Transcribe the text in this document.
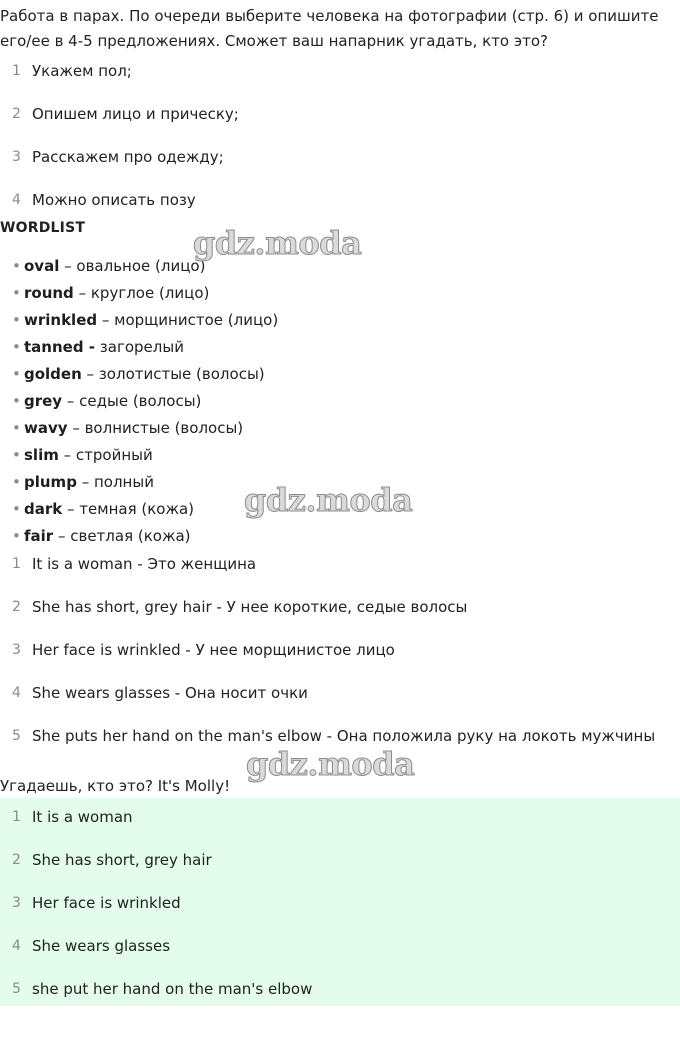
Работа в парах. По очереди выберите человека на фотографии (стр. 6) и опишите его/ее в 4-5 предложениях. Сможет ваш напарник угадать, кто это?
1 Укажем пол;
2 Опишем лицо и прическу;
3 Расскажем про одежду;
4 Можно описать позу
WORDLIST
• oval – овальное (лицо)
• round – круглое (лицо)
• wrinkled – морщинистое (лицо)
• tanned - загорелый
• golden – золотистые (волосы)
• grey – седые (волосы)
• wavy – волнистые (волосы)
• slim – стройный
• plump – полный
• dark – темная (кожа)
• fair – светлая (кожа)
1 It is a woman - Это женщина
2 She has short, grey hair - У нее короткие, седые волосы
3 Her face is wrinkled - У нее морщинистое лицо
4 She wears glasses - Она носит очки
5 She puts her hand on the man's elbow - Она положила руку на локоть мужчины
Угадаешь, кто это? It's Molly!
1 It is a woman
2 She has short, grey hair
3 Her face is wrinkled
4 She wears glasses
5 she put her hand on the man's elbow
gdz.moda
gdz.moda
gdz.moda
